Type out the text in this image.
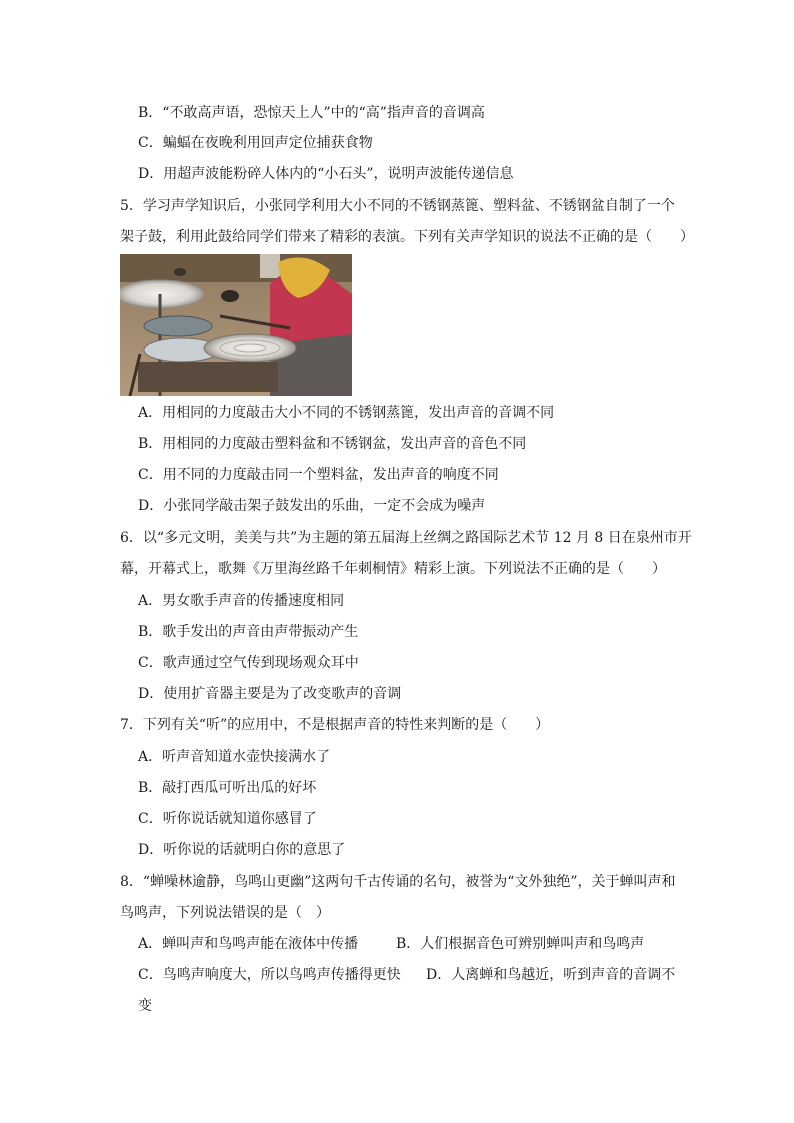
B．“不敢高声语，恐惊天上人”中的“高”指声音的音调高
C．蝙蝠在夜晚利用回声定位捕获食物
D．用超声波能粉碎人体内的“小石头”，说明声波能传递信息
5．学习声学知识后，小张同学利用大小不同的不锈钢蒸篦、塑料盆、不锈钢盆自制了一个
架子鼓，利用此鼓给同学们带来了精彩的表演。下列有关声学知识的说法不正确的是（　　）
A．用相同的力度敲击大小不同的不锈钢蒸篦，发出声音的音调不同
B．用相同的力度敲击塑料盆和不锈钢盆，发出声音的音色不同
C．用不同的力度敲击同一个塑料盆，发出声音的响度不同
D．小张同学敲击架子鼓发出的乐曲，一定不会成为噪声
6．以“多元文明，美美与共”为主题的第五届海上丝绸之路国际艺术节 12 月 8 日在泉州市开
幕，开幕式上，歌舞《万里海丝路千年刺桐情》精彩上演。下列说法不正确的是（　　）
A．男女歌手声音的传播速度相同
B．歌手发出的声音由声带振动产生
C．歌声通过空气传到现场观众耳中
D．使用扩音器主要是为了改变歌声的音调
7．下列有关“听”的应用中，不是根据声音的特性来判断的是（　　）
A．听声音知道水壶快接满水了
B．敲打西瓜可听出瓜的好坏
C．听你说话就知道你感冒了
D．听你说的话就明白你的意思了
8．“蝉噪林逾静，鸟鸣山更幽”这两句千古传诵的名句，被誉为“文外独绝”，关于蝉叫声和
鸟鸣声，下列说法错误的是（　）
A．蝉叫声和鸟鸣声能在液体中传播	B．人们根据音色可辨别蝉叫声和鸟鸣声
C．鸟鸣声响度大，所以鸟鸣声传播得更快 D．人离蝉和鸟越近，听到声音的音调不
变
